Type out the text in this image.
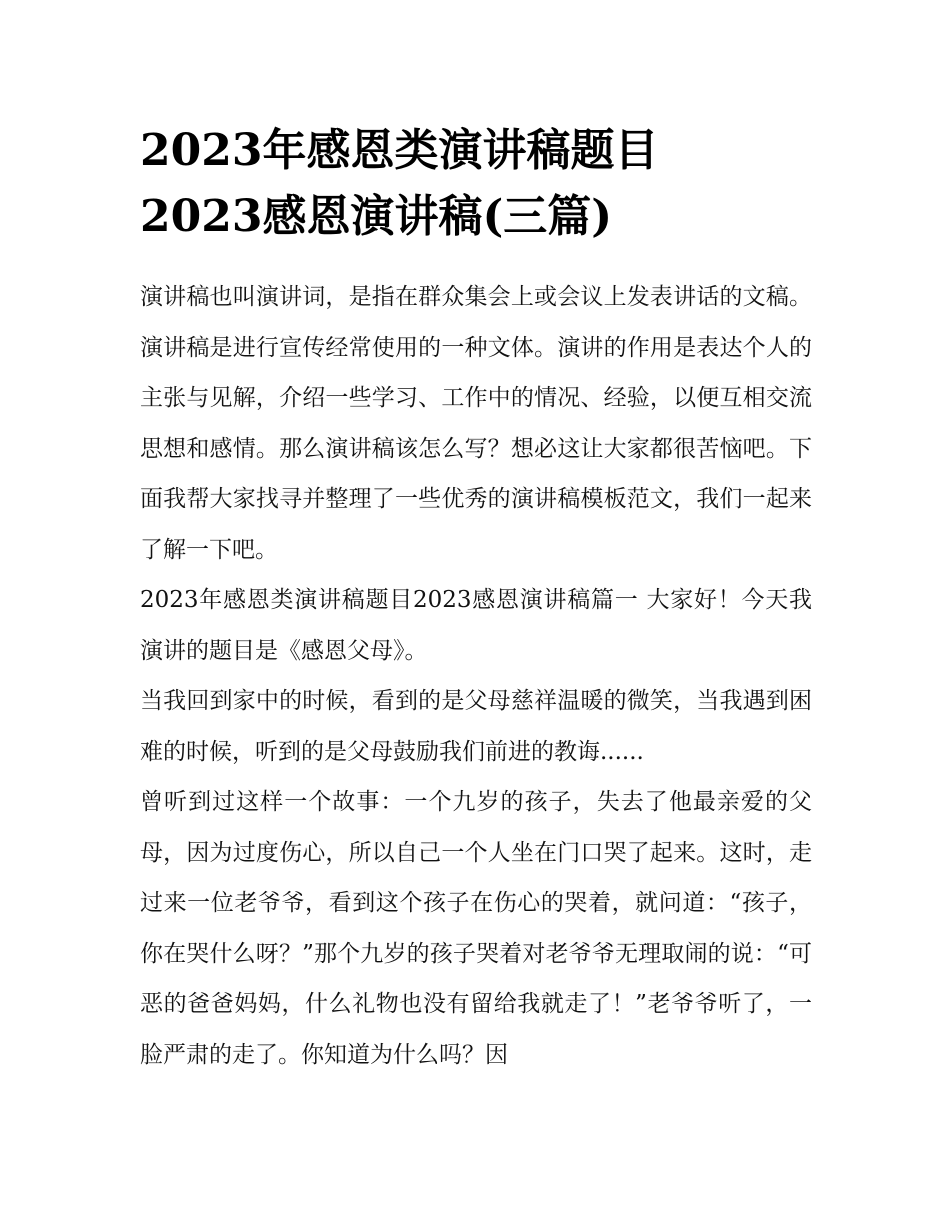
2023年感恩类演讲稿题目
2023感恩演讲稿(三篇)

演讲稿也叫演讲词，是指在群众集会上或会议上发表讲话的文稿。演讲稿是进行宣传经常使用的一种文体。演讲的作用是表达个人的主张与见解，介绍一些学习、工作中的情况、经验，以便互相交流思想和感情。那么演讲稿该怎么写？想必这让大家都很苦恼吧。下面我帮大家找寻并整理了一些优秀的演讲稿模板范文，我们一起来了解一下吧。

2023年感恩类演讲稿题目2023感恩演讲稿篇一 大家好！今天我演讲的题目是《感恩父母》。

当我回到家中的时候，看到的是父母慈祥温暖的微笑，当我遇到困难的时候，听到的是父母鼓励我们前进的教诲......

曾听到过这样一个故事：一个九岁的孩子，失去了他最亲爱的父母，因为过度伤心，所以自己一个人坐在门口哭了起来。这时，走过来一位老爷爷，看到这个孩子在伤心的哭着，就问道：“孩子，你在哭什么呀？”那个九岁的孩子哭着对老爷爷无理取闹的说：“可恶的爸爸妈妈，什么礼物也没有留给我就走了！”老爷爷听了，一脸严肃的走了。你知道为什么吗？因
